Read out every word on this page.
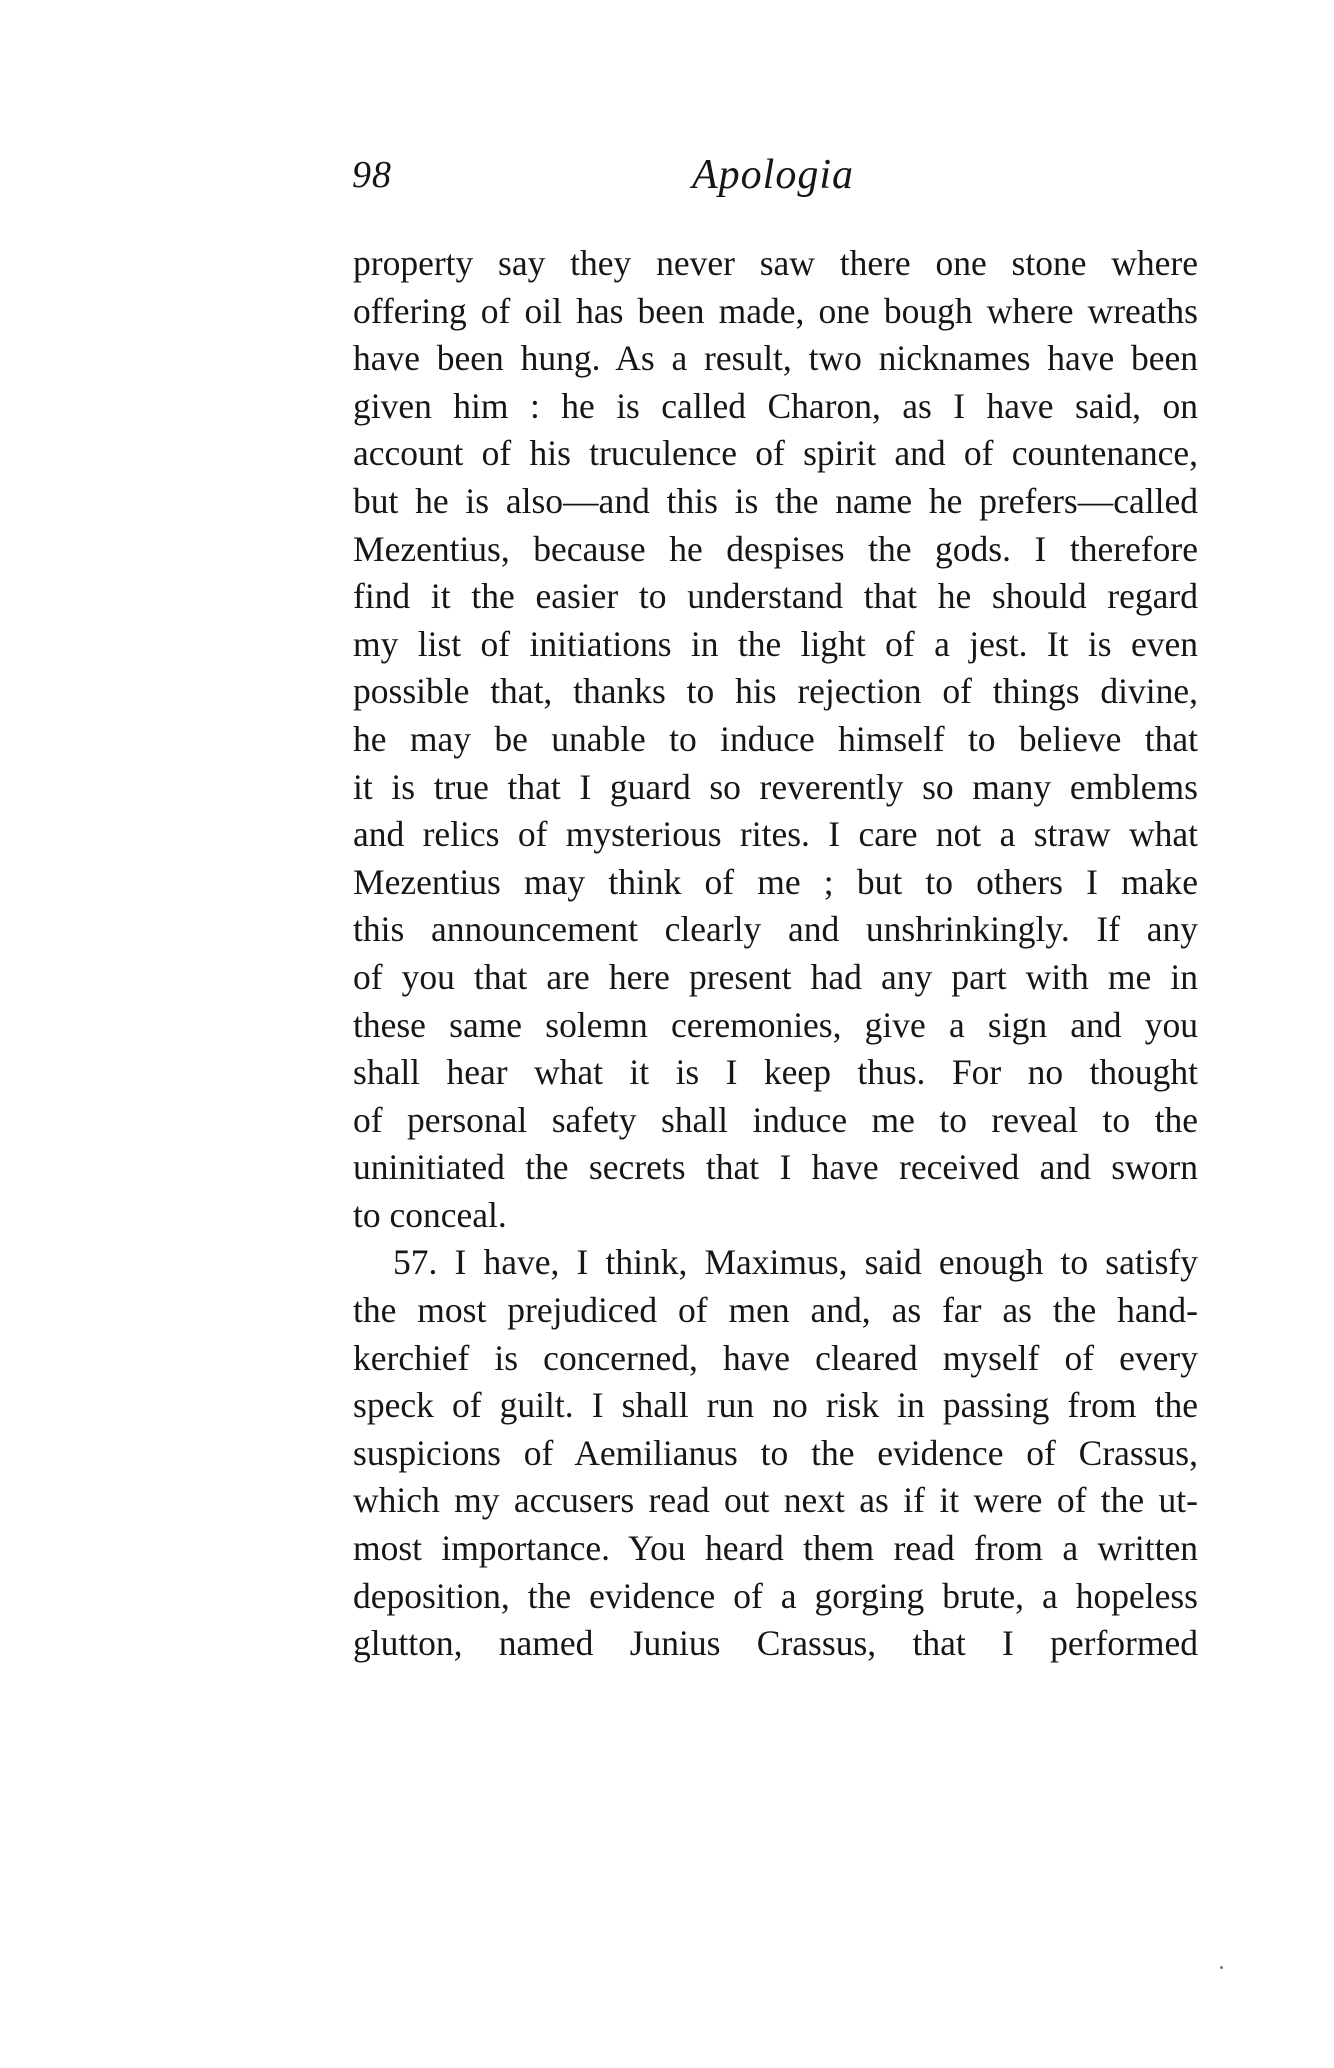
98	Apologia
property say they never saw there one stone where
offering of oil has been made, one bough where wreaths
have been hung. As a result, two nicknames have been
given him : he is called Charon, as I have said, on
account of his truculence of spirit and of countenance,
but he is also—and this is the name he prefers—called
Mezentius, because he despises the gods. I therefore
find it the easier to understand that he should regard
my list of initiations in the light of a jest. It is even
possible that, thanks to his rejection of things divine,
he may be unable to induce himself to believe that
it is true that I guard so reverently so many emblems
and relics of mysterious rites. I care not a straw what
Mezentius may think of me ; but to others I make
this announcement clearly and unshrinkingly. If any
of you that are here present had any part with me in
these same solemn ceremonies, give a sign and you
shall hear what it is I keep thus. For no thought
of personal safety shall induce me to reveal to the
uninitiated the secrets that I have received and sworn
to conceal.
57. I have, I think, Maximus, said enough to satisfy
the most prejudiced of men and, as far as the hand-
kerchief is concerned, have cleared myself of every
speck of guilt. I shall run no risk in passing from the
suspicions of Aemilianus to the evidence of Crassus,
which my accusers read out next as if it were of the ut-
most importance. You heard them read from a written
deposition, the evidence of a gorging brute, a hopeless
glutton, named Junius Crassus, that I performed
